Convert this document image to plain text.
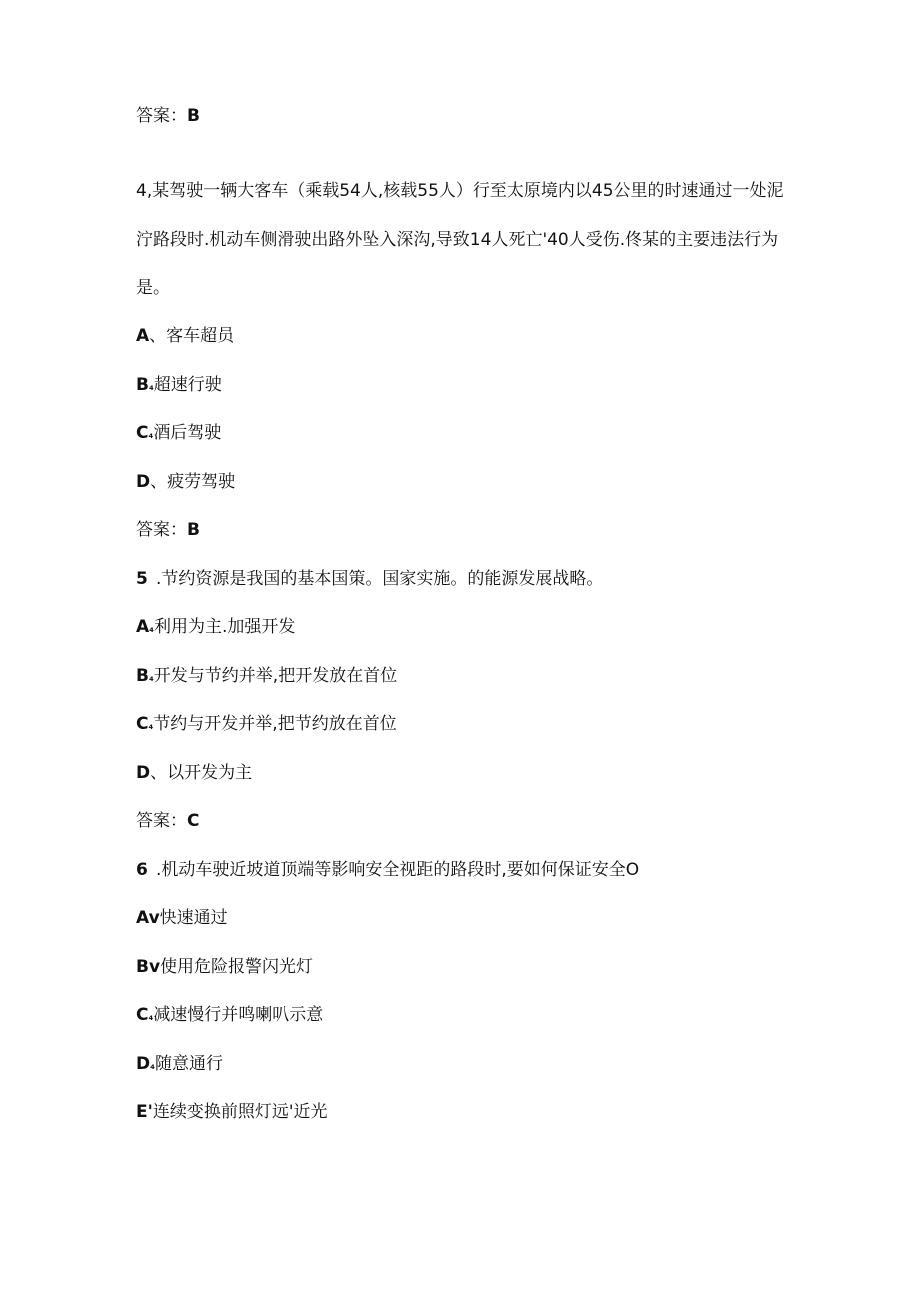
答案：B

4,某驾驶一辆大客车（乘载54人,核载55人）行至太原境内以45公里的时速通过一处泥

泞路段时.机动车侧滑驶出路外坠入深沟,导致14人死亡'40人受伤.佟某的主要违法行为

是。

A、客车超员

B₄超速行驶

C₄酒后驾驶

D、疲劳驾驶

答案：B

5 .节约资源是我国的基本国策。国家实施。的能源发展战略。

A₄利用为主.加强开发

B₄开发与节约并举,把开发放在首位

C₄节约与开发并举,把节约放在首位

D、以开发为主

答案：C

6 .机动车驶近坡道顶端等影响安全视距的路段时,要如何保证安全O

Av快速通过

Bv使用危险报警闪光灯

C₄减速慢行并鸣喇叭示意

D₄随意通行

E'连续变换前照灯远'近光
